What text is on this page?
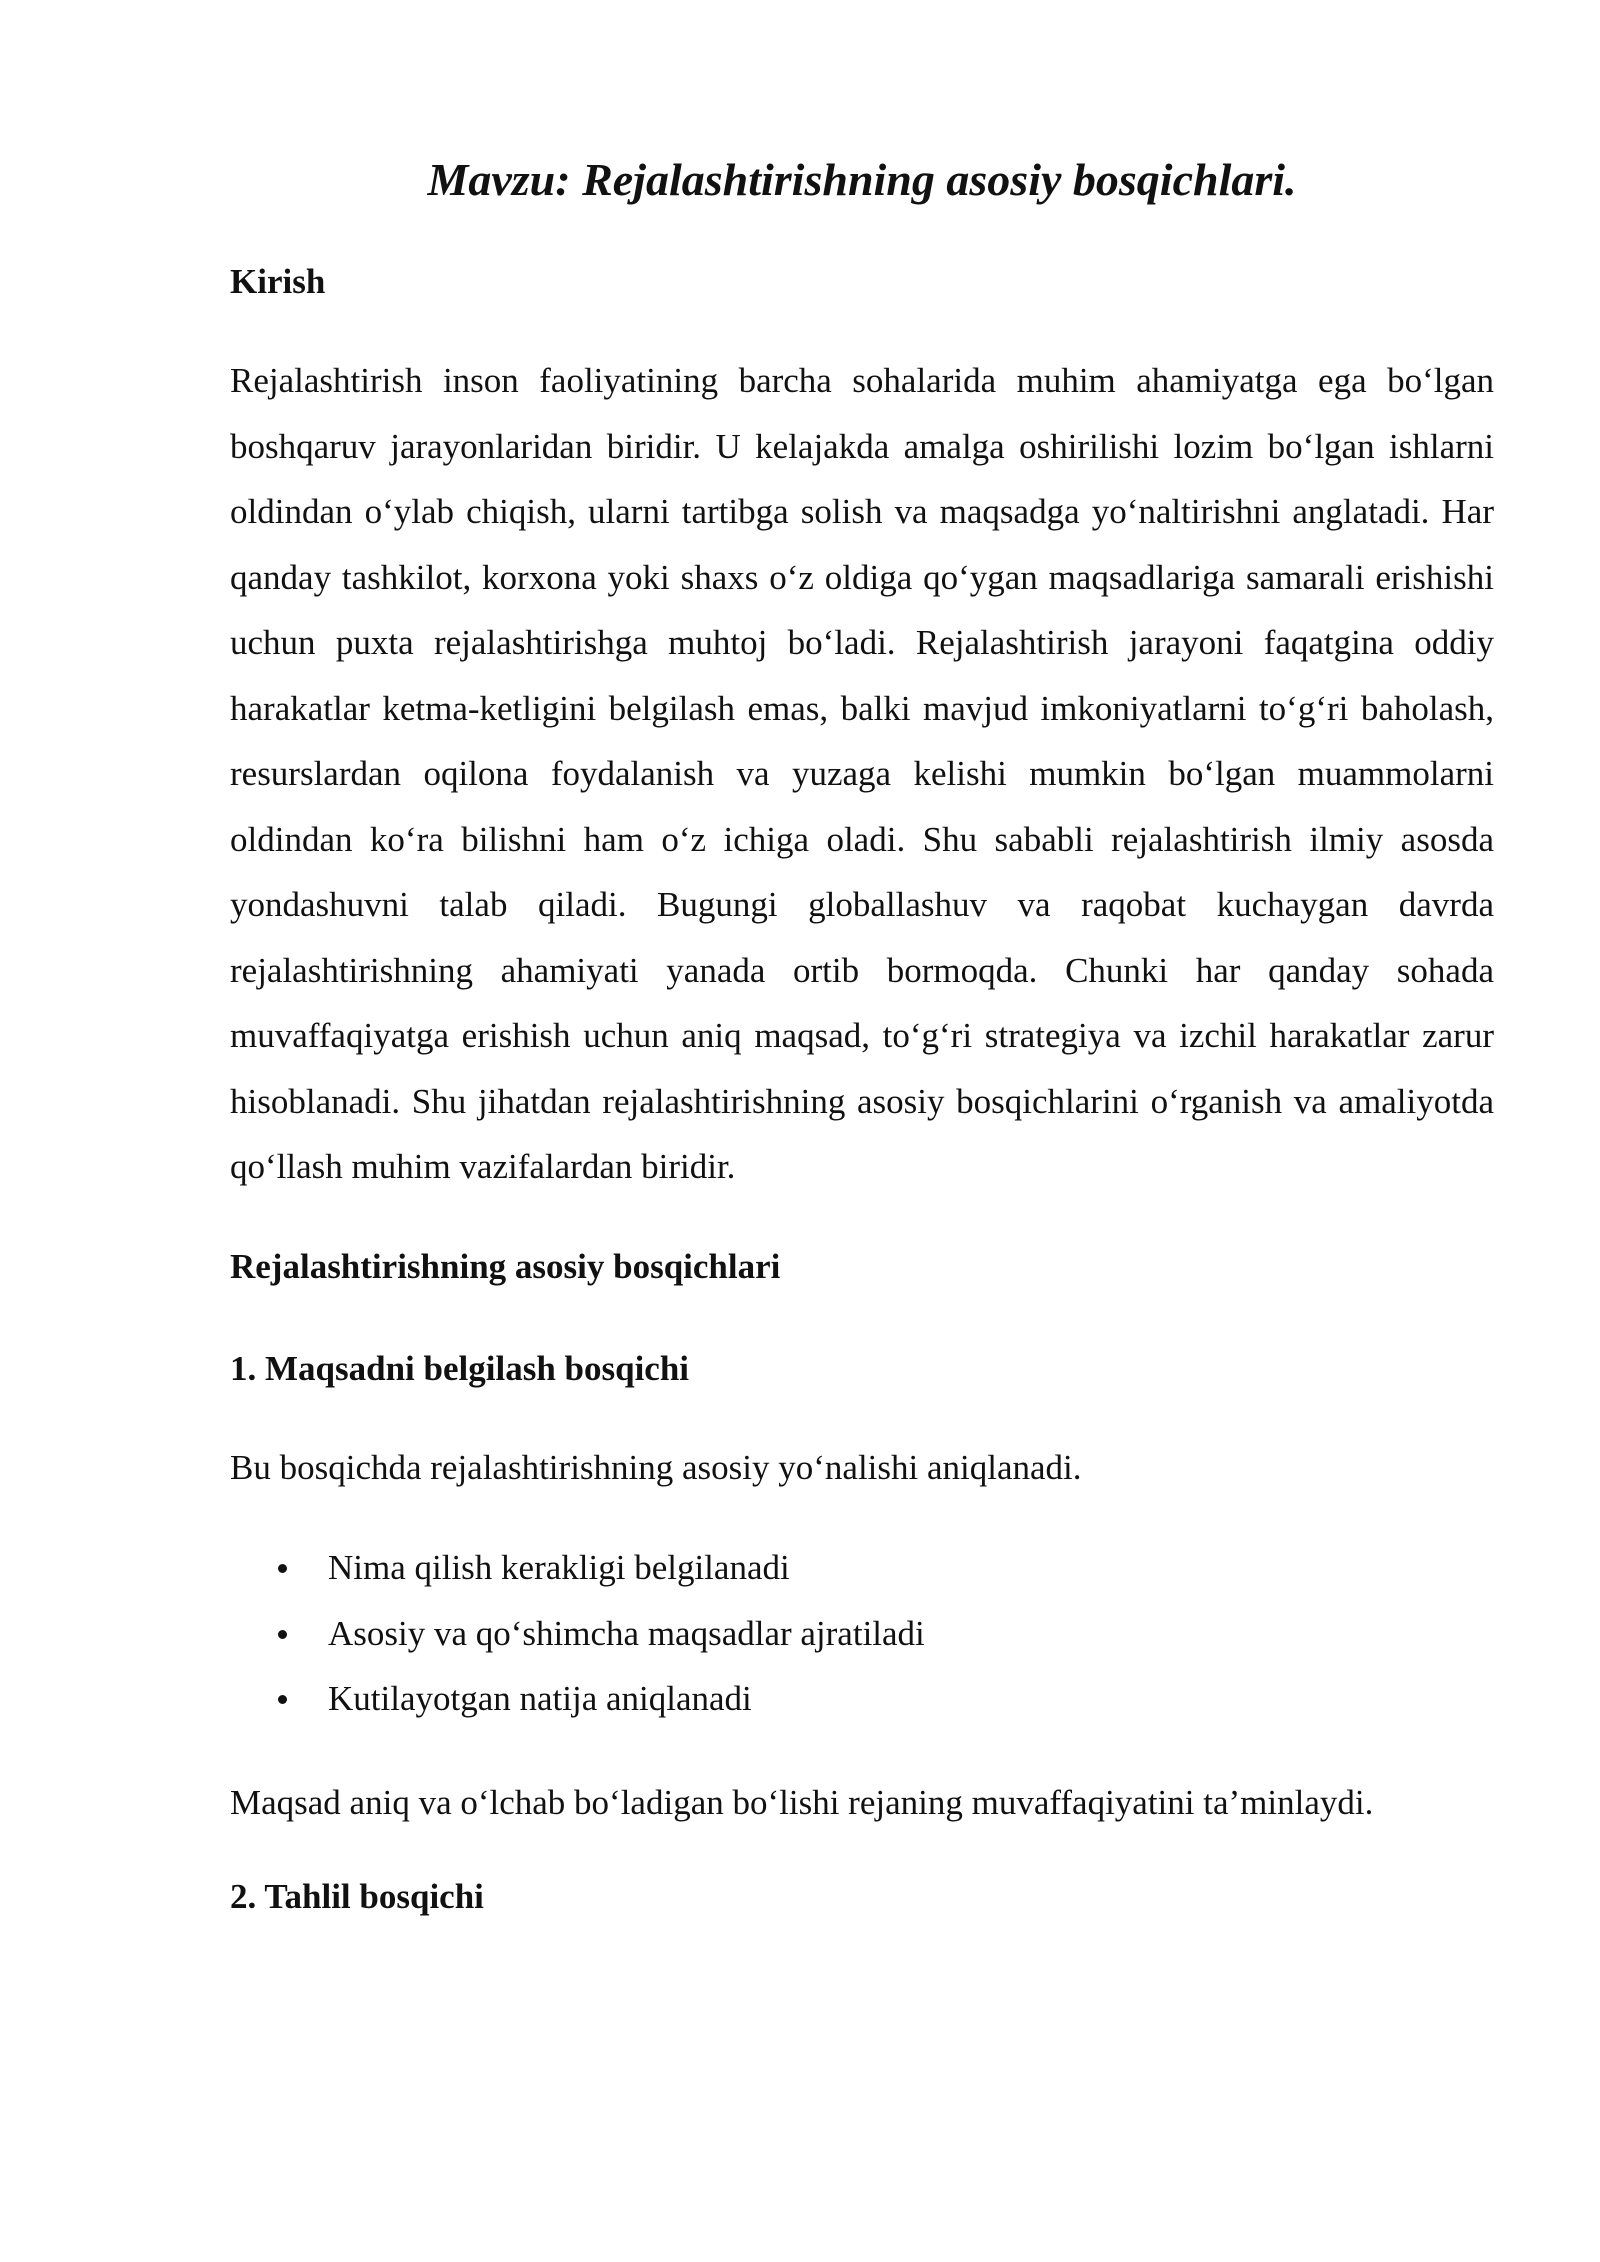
Mavzu: Rejalashtirishning asosiy bosqichlari.
Kirish

Rejalashtirish inson faoliyatining barcha sohalarida muhim ahamiyatga ega bo‘lgan boshqaruv jarayonlaridan biridir. U kelajakda amalga oshirilishi lozim bo‘lgan ishlarni oldindan o‘ylab chiqish, ularni tartibga solish va maqsadga yo‘naltirishni anglatadi. Har qanday tashkilot, korxona yoki shaxs o‘z oldiga qo‘ygan maqsadlariga samarali erishishi uchun puxta rejalashtirishga muhtoj bo‘ladi. Rejalashtirish jarayoni faqatgina oddiy harakatlar ketma-ketligini belgilash emas, balki mavjud imkoniyatlarni to‘g‘ri baholash, resurslardan oqilona foydalanish va yuzaga kelishi mumkin bo‘lgan muammolarni oldindan ko‘ra bilishni ham o‘z ichiga oladi. Shu sababli rejalashtirish ilmiy asosda yondashuvni talab qiladi. Bugungi globallashuv va raqobat kuchaygan davrda rejalashtirishning ahamiyati yanada ortib bormoqda. Chunki har qanday sohada muvaffaqiyatga erishish uchun aniq maqsad, to‘g‘ri strategiya va izchil harakatlar zarur hisoblanadi. Shu jihatdan rejalashtirishning asosiy bosqichlarini o‘rganish va amaliyotda qo‘llash muhim vazifalardan biridir.

Rejalashtirishning asosiy bosqichlari
1. Maqsadni belgilash bosqichi

Bu bosqichda rejalashtirishning asosiy yo‘nalishi aniqlanadi.

Nima qilish kerakligi belgilanadi
Asosiy va qo‘shimcha maqsadlar ajratiladi
Kutilayotgan natija aniqlanadi

Maqsad aniq va o‘lchab bo‘ladigan bo‘lishi rejaning muvaffaqiyatini ta’minlaydi.

2. Tahlil bosqichi
